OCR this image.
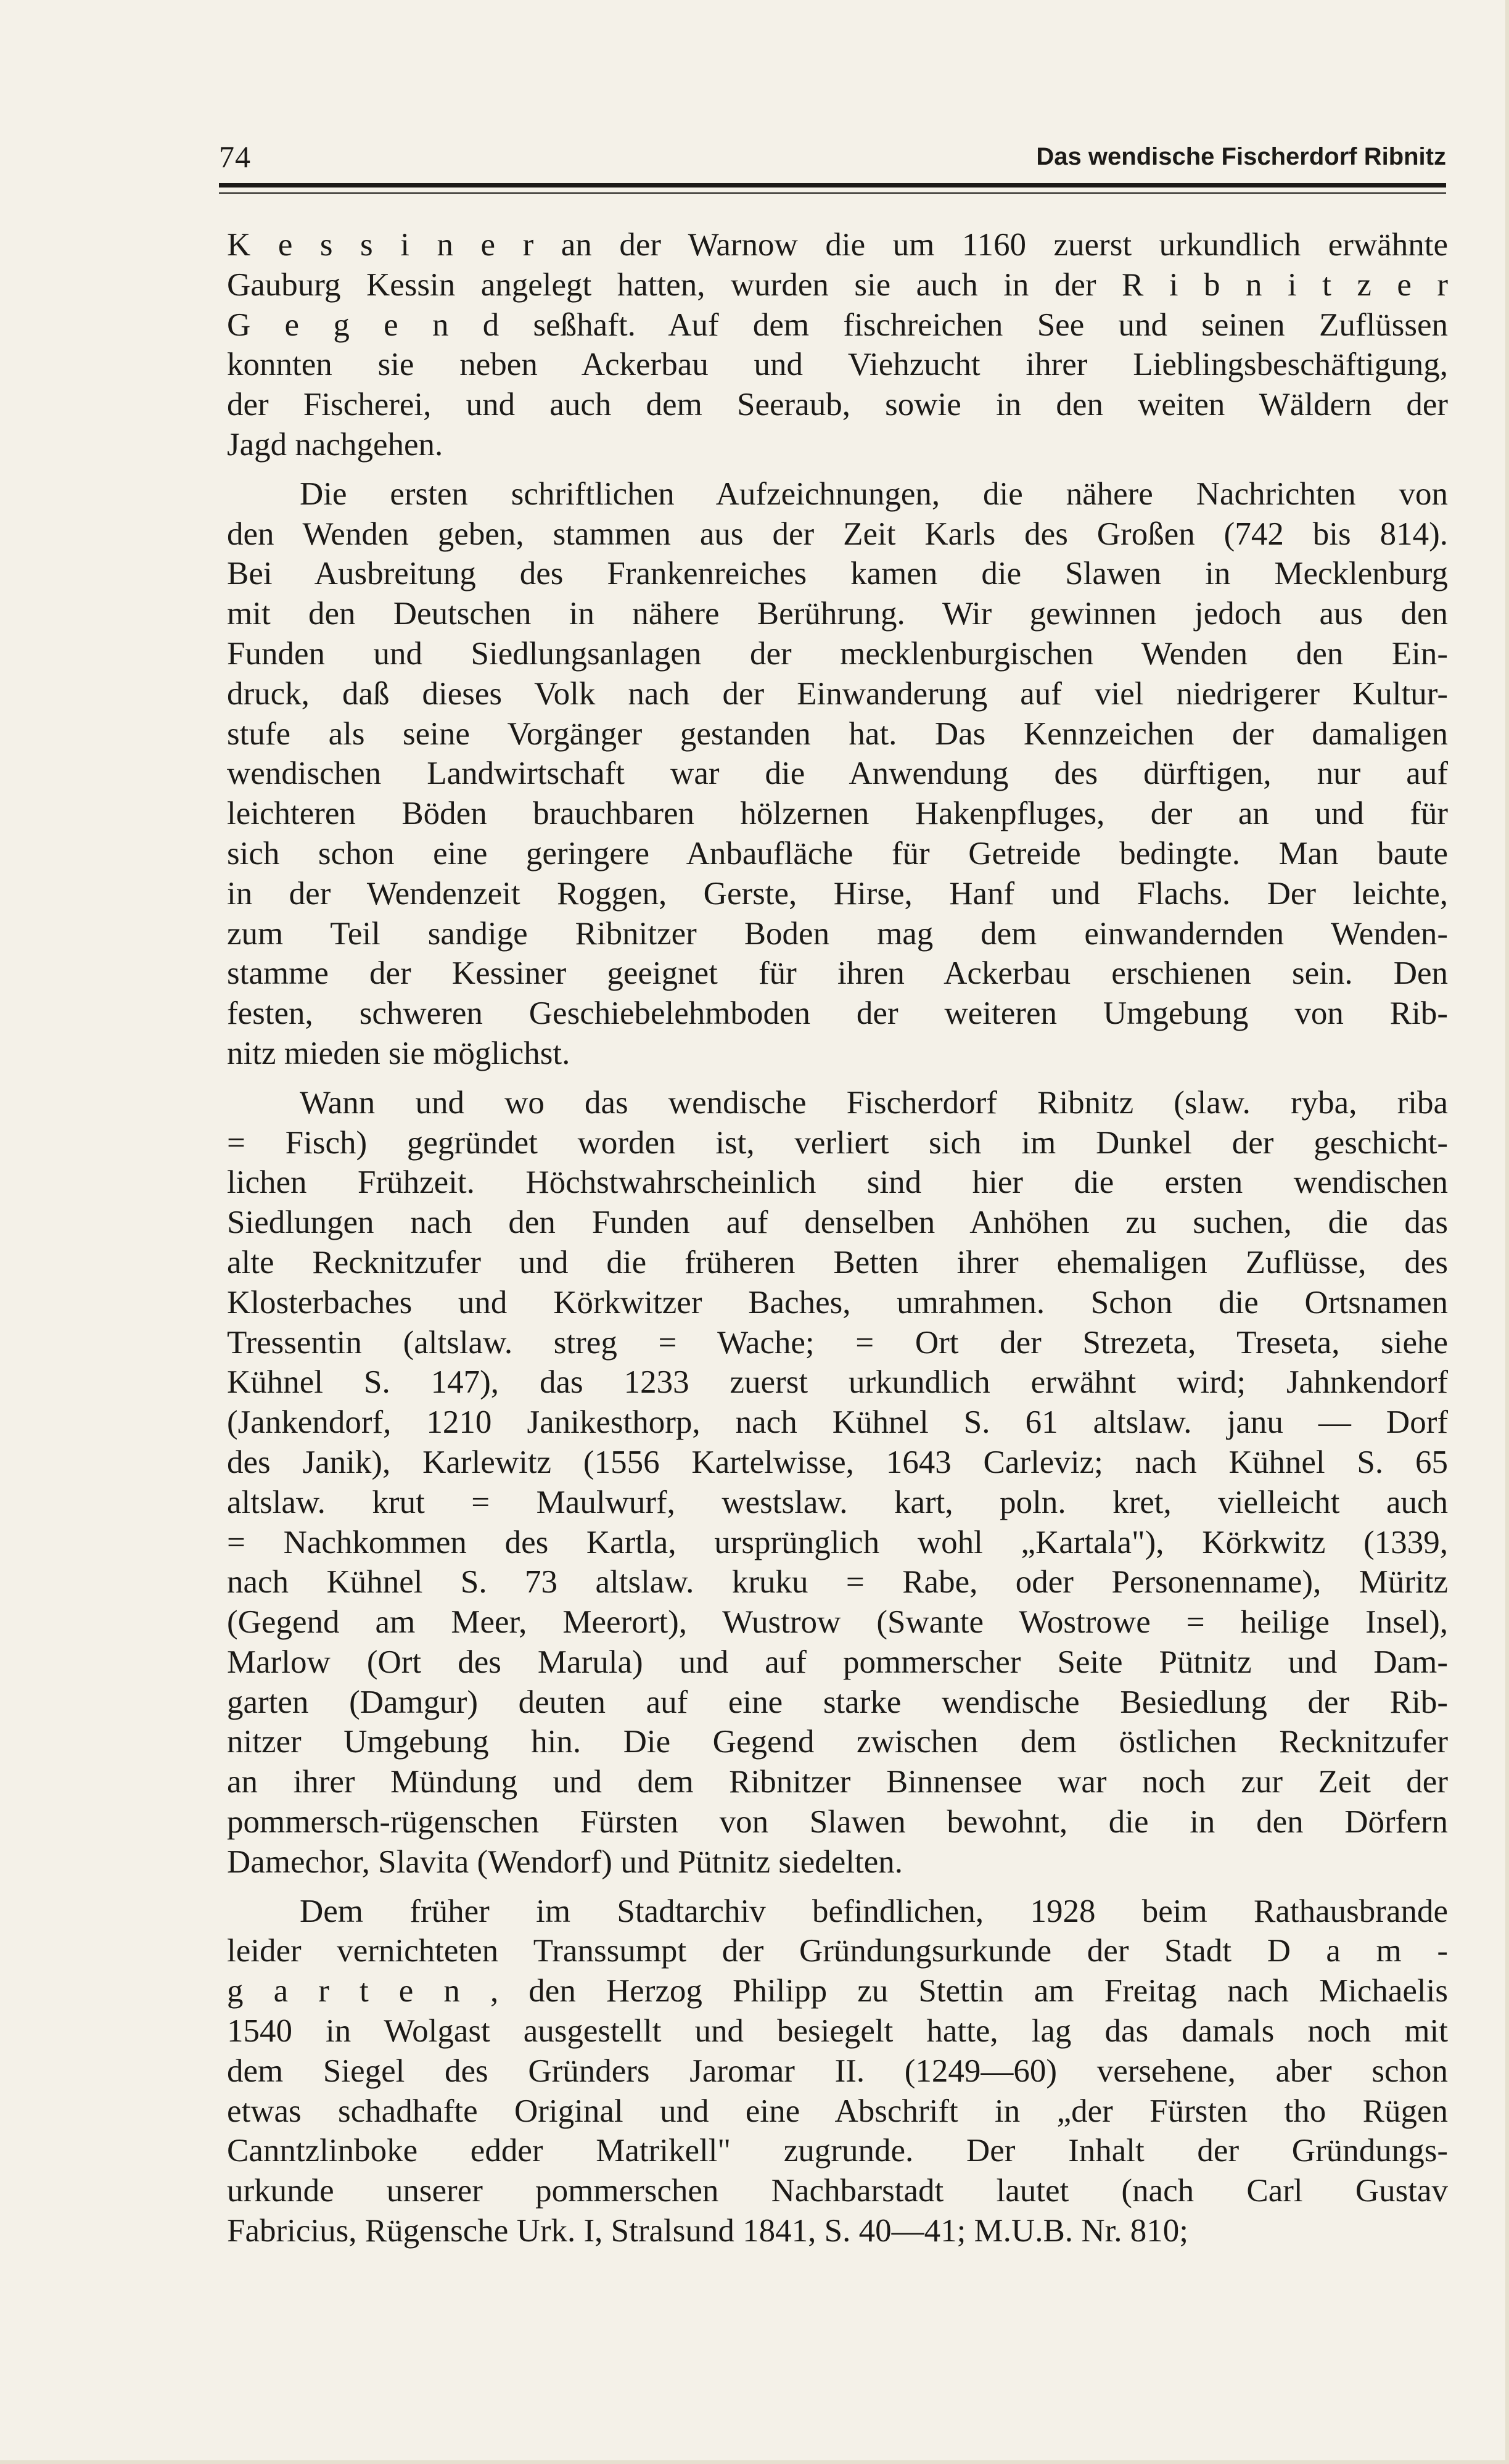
74	Das wendische Fischerdorf Ribnitz
K e s s i n e r an der Warnow die um 1160 zuerst urkundlich erwähnte
Gauburg Kessin angelegt hatten, wurden sie auch in der R i b n i t z e r
G e g e n d seßhaft. Auf dem fischreichen See und seinen Zuflüssen
konnten sie neben Ackerbau und Viehzucht ihrer Lieblingsbeschäftigung,
der Fischerei, und auch dem Seeraub, sowie in den weiten Wäldern der
Jagd nachgehen.
Die ersten schriftlichen Aufzeichnungen, die nähere Nachrichten von
den Wenden geben, stammen aus der Zeit Karls des Großen (742 bis 814).
Bei Ausbreitung des Frankenreiches kamen die Slawen in Mecklenburg
mit den Deutschen in nähere Berührung. Wir gewinnen jedoch aus den
Funden und Siedlungsanlagen der mecklenburgischen Wenden den Ein-
druck, daß dieses Volk nach der Einwanderung auf viel niedrigerer Kultur-
stufe als seine Vorgänger gestanden hat. Das Kennzeichen der damaligen
wendischen Landwirtschaft war die Anwendung des dürftigen, nur auf
leichteren Böden brauchbaren hölzernen Hakenpfluges, der an und für
sich schon eine geringere Anbaufläche für Getreide bedingte. Man baute
in der Wendenzeit Roggen, Gerste, Hirse, Hanf und Flachs. Der leichte,
zum Teil sandige Ribnitzer Boden mag dem einwandernden Wenden-
stamme der Kessiner geeignet für ihren Ackerbau erschienen sein. Den
festen, schweren Geschiebelehmboden der weiteren Umgebung von Rib-
nitz mieden sie möglichst.
Wann und wo das wendische Fischerdorf Ribnitz (slaw. ryba, riba
= Fisch) gegründet worden ist, verliert sich im Dunkel der geschicht-
lichen Frühzeit. Höchstwahrscheinlich sind hier die ersten wendischen
Siedlungen nach den Funden auf denselben Anhöhen zu suchen, die das
alte Recknitzufer und die früheren Betten ihrer ehemaligen Zuflüsse, des
Klosterbaches und Körkwitzer Baches, umrahmen. Schon die Ortsnamen
Tressentin (altslaw. streg = Wache; = Ort der Strezeta, Treseta, siehe
Kühnel S. 147), das 1233 zuerst urkundlich erwähnt wird; Jahnkendorf
(Jankendorf, 1210 Janikesthorp, nach Kühnel S. 61 altslaw. janu — Dorf
des Janik), Karlewitz (1556 Kartelwisse, 1643 Carleviz; nach Kühnel S. 65
altslaw. krut = Maulwurf, westslaw. kart, poln. kret, vielleicht auch
= Nachkommen des Kartla, ursprünglich wohl „Kartala"), Körkwitz (1339,
nach Kühnel S. 73 altslaw. kruku = Rabe, oder Personenname), Müritz
(Gegend am Meer, Meerort), Wustrow (Swante Wostrowe = heilige Insel),
Marlow (Ort des Marula) und auf pommerscher Seite Pütnitz und Dam-
garten (Damgur) deuten auf eine starke wendische Besiedlung der Rib-
nitzer Umgebung hin. Die Gegend zwischen dem östlichen Recknitzufer
an ihrer Mündung und dem Ribnitzer Binnensee war noch zur Zeit der
pommersch-rügenschen Fürsten von Slawen bewohnt, die in den Dörfern
Damechor, Slavita (Wendorf) und Pütnitz siedelten.
Dem früher im Stadtarchiv befindlichen, 1928 beim Rathausbrande
leider vernichteten Transsumpt der Gründungsurkunde der Stadt D a m -
g a r t e n , den Herzog Philipp zu Stettin am Freitag nach Michaelis
1540 in Wolgast ausgestellt und besiegelt hatte, lag das damals noch mit
dem Siegel des Gründers Jaromar II. (1249—60) versehene, aber schon
etwas schadhafte Original und eine Abschrift in „der Fürsten tho Rügen
Canntzlinboke edder Matrikell" zugrunde. Der Inhalt der Gründungs-
urkunde unserer pommerschen Nachbarstadt lautet (nach Carl Gustav
Fabricius, Rügensche Urk. I, Stralsund 1841, S. 40—41; M.U.B. Nr. 810;
